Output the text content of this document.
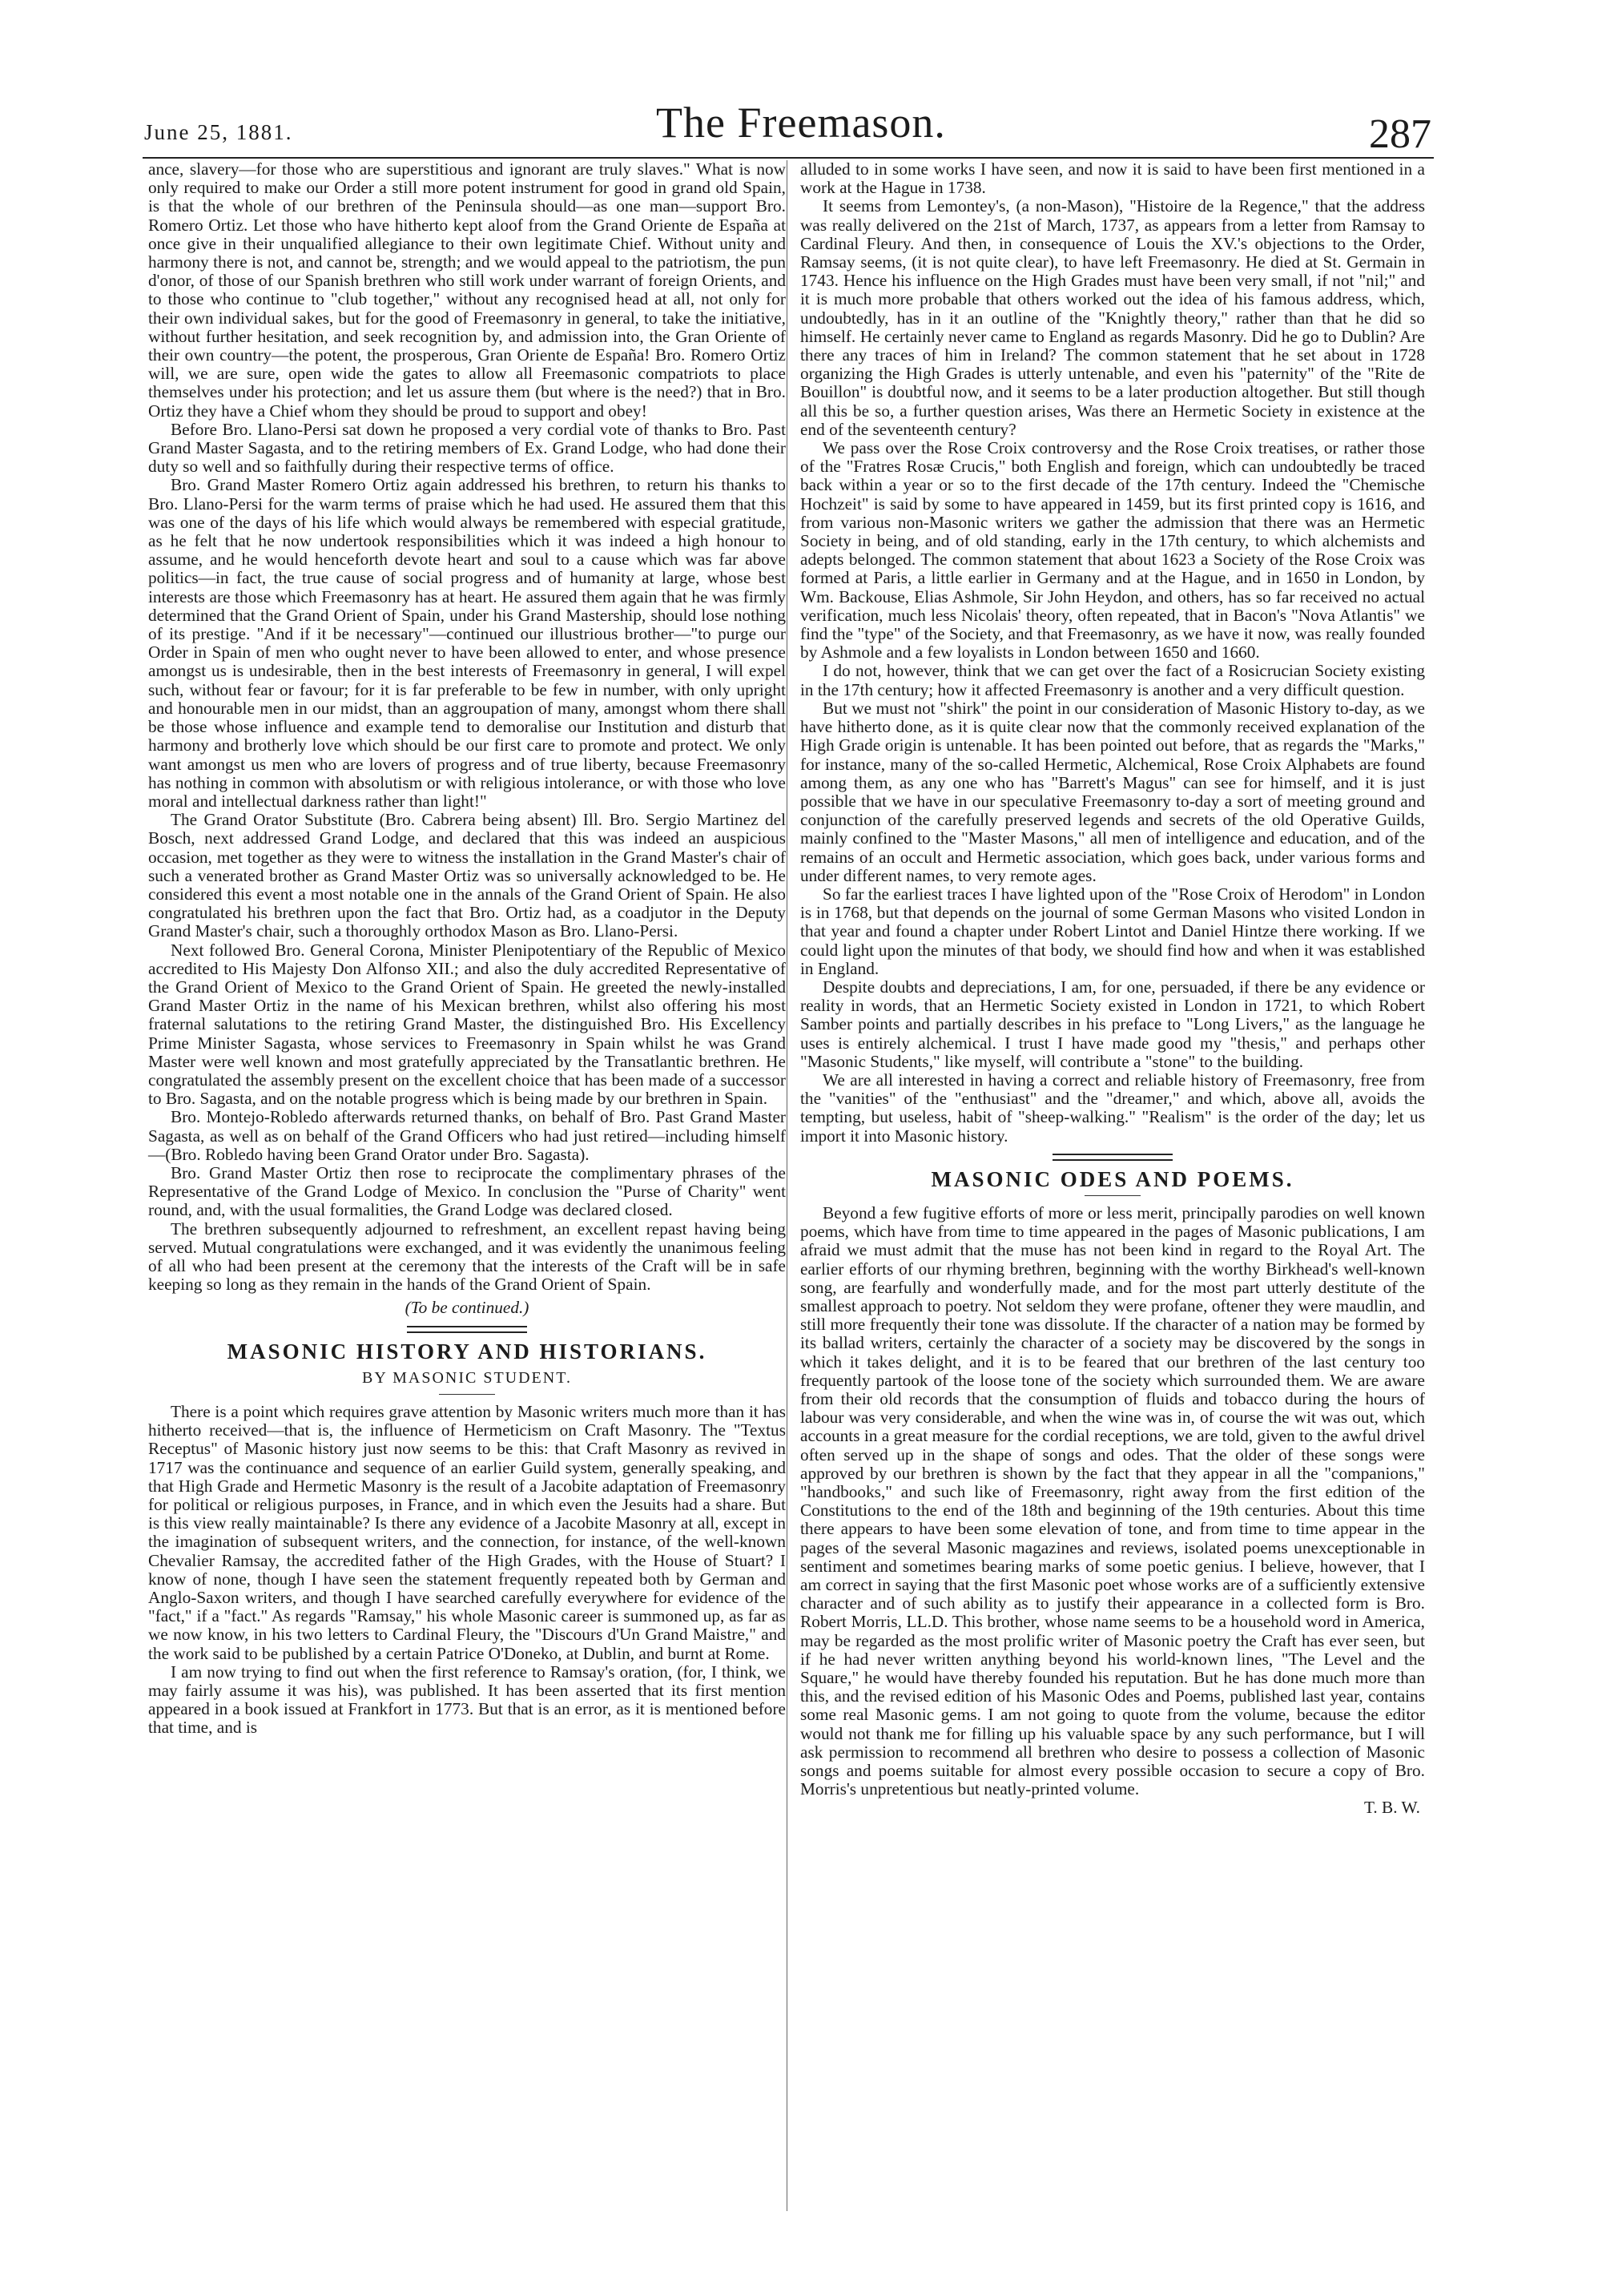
June 25, 1881.	The Freemason.	287

ance, slavery—for those who are superstitious and ignorant are truly slaves." What is now only required to make our Order a still more potent instrument for good in grand old Spain, is that the whole of our brethren of the Peninsula should—as one man—support Bro. Romero Ortiz. Let those who have hitherto kept aloof from the Grand Oriente de España at once give in their unqualified allegiance to their own legitimate Chief. Without unity and harmony there is not, and cannot be, strength; and we would appeal to the patriotism, the pun d'onor, of those of our Spanish brethren who still work under warrant of foreign Orients, and to those who continue to "club together," without any recognised head at all, not only for their own individual sakes, but for the good of Freemasonry in general, to take the initiative, without further hesitation, and seek recognition by, and admission into, the Gran Oriente of their own country—the potent, the prosperous, Gran Oriente de España! Bro. Romero Ortiz will, we are sure, open wide the gates to allow all Freemasonic compatriots to place themselves under his protection; and let us assure them (but where is the need?) that in Bro. Ortiz they have a Chief whom they should be proud to support and obey!

Before Bro. Llano-Persi sat down he proposed a very cordial vote of thanks to Bro. Past Grand Master Sagasta, and to the retiring members of Ex. Grand Lodge, who had done their duty so well and so faithfully during their respective terms of office.

Bro. Grand Master Romero Ortiz again addressed his brethren, to return his thanks to Bro. Llano-Persi for the warm terms of praise which he had used. He assured them that this was one of the days of his life which would always be remembered with especial gratitude, as he felt that he now undertook responsibilities which it was indeed a high honour to assume, and he would henceforth devote heart and soul to a cause which was far above politics—in fact, the true cause of social progress and of humanity at large, whose best interests are those which Freemasonry has at heart. He assured them again that he was firmly determined that the Grand Orient of Spain, under his Grand Mastership, should lose nothing of its prestige. "And if it be necessary"—continued our illustrious brother—"to purge our Order in Spain of men who ought never to have been allowed to enter, and whose presence amongst us is undesirable, then in the best interests of Freemasonry in general, I will expel such, without fear or favour; for it is far preferable to be few in number, with only upright and honourable men in our midst, than an aggroupation of many, amongst whom there shall be those whose influence and example tend to demoralise our Institution and disturb that harmony and brotherly love which should be our first care to promote and protect. We only want amongst us men who are lovers of progress and of true liberty, because Freemasonry has nothing in common with absolutism or with religious intolerance, or with those who love moral and intellectual darkness rather than light!"

The Grand Orator Substitute (Bro. Cabrera being absent) Ill. Bro. Sergio Martinez del Bosch, next addressed Grand Lodge, and declared that this was indeed an auspicious occasion, met together as they were to witness the installation in the Grand Master's chair of such a venerated brother as Grand Master Ortiz was so universally acknowledged to be. He considered this event a most notable one in the annals of the Grand Orient of Spain. He also congratulated his brethren upon the fact that Bro. Ortiz had, as a coadjutor in the Deputy Grand Master's chair, such a thoroughly orthodox Mason as Bro. Llano-Persi.

Next followed Bro. General Corona, Minister Plenipotentiary of the Republic of Mexico accredited to His Majesty Don Alfonso XII.; and also the duly accredited Representative of the Grand Orient of Mexico to the Grand Orient of Spain. He greeted the newly-installed Grand Master Ortiz in the name of his Mexican brethren, whilst also offering his most fraternal salutations to the retiring Grand Master, the distinguished Bro. His Excellency Prime Minister Sagasta, whose services to Freemasonry in Spain whilst he was Grand Master were well known and most gratefully appreciated by the Transatlantic brethren. He congratulated the assembly present on the excellent choice that has been made of a successor to Bro. Sagasta, and on the notable progress which is being made by our brethren in Spain.

Bro. Montejo-Robledo afterwards returned thanks, on behalf of Bro. Past Grand Master Sagasta, as well as on behalf of the Grand Officers who had just retired—including himself—(Bro. Robledo having been Grand Orator under Bro. Sagasta).

Bro. Grand Master Ortiz then rose to reciprocate the complimentary phrases of the Representative of the Grand Lodge of Mexico. In conclusion the "Purse of Charity" went round, and, with the usual formalities, the Grand Lodge was declared closed.

The brethren subsequently adjourned to refreshment, an excellent repast having being served. Mutual congratulations were exchanged, and it was evidently the unanimous feeling of all who had been present at the ceremony that the interests of the Craft will be in safe keeping so long as they remain in the hands of the Grand Orient of Spain.

(To be continued.)

MASONIC HISTORY AND HISTORIANS.
BY MASONIC STUDENT.

There is a point which requires grave attention by Masonic writers much more than it has hitherto received—that is, the influence of Hermeticism on Craft Masonry. The "Textus Receptus" of Masonic history just now seems to be this: that Craft Masonry as revived in 1717 was the continuance and sequence of an earlier Guild system, generally speaking, and that High Grade and Hermetic Masonry is the result of a Jacobite adaptation of Freemasonry for political or religious purposes, in France, and in which even the Jesuits had a share. But is this view really maintainable? Is there any evidence of a Jacobite Masonry at all, except in the imagination of subsequent writers, and the connection, for instance, of the well-known Chevalier Ramsay, the accredited father of the High Grades, with the House of Stuart? I know of none, though I have seen the statement frequently repeated both by German and Anglo-Saxon writers, and though I have searched carefully everywhere for evidence of the "fact," if a "fact." As regards "Ramsay," his whole Masonic career is summoned up, as far as we now know, in his two letters to Cardinal Fleury, the "Discours d'Un Grand Maistre," and the work said to be published by a certain Patrice O'Doneko, at Dublin, and burnt at Rome.

I am now trying to find out when the first reference to Ramsay's oration, (for, I think, we may fairly assume it was his), was published. It has been asserted that its first mention appeared in a book issued at Frankfort in 1773. But that is an error, as it is mentioned before that time, and is

alluded to in some works I have seen, and now it is said to have been first mentioned in a work at the Hague in 1738.

It seems from Lemontey's, (a non-Mason), "Histoire de la Regence," that the address was really delivered on the 21st of March, 1737, as appears from a letter from Ramsay to Cardinal Fleury. And then, in consequence of Louis the XV.'s objections to the Order, Ramsay seems, (it is not quite clear), to have left Freemasonry. He died at St. Germain in 1743. Hence his influence on the High Grades must have been very small, if not "nil;" and it is much more probable that others worked out the idea of his famous address, which, undoubtedly, has in it an outline of the "Knightly theory," rather than that he did so himself. He certainly never came to England as regards Masonry. Did he go to Dublin? Are there any traces of him in Ireland? The common statement that he set about in 1728 organizing the High Grades is utterly untenable, and even his "paternity" of the "Rite de Bouillon" is doubtful now, and it seems to be a later production altogether. But still though all this be so, a further question arises, Was there an Hermetic Society in existence at the end of the seventeenth century?

We pass over the Rose Croix controversy and the Rose Croix treatises, or rather those of the "Fratres Rosæ Crucis," both English and foreign, which can undoubtedly be traced back within a year or so to the first decade of the 17th century. Indeed the "Chemische Hochzeit" is said by some to have appeared in 1459, but its first printed copy is 1616, and from various non-Masonic writers we gather the admission that there was an Hermetic Society in being, and of old standing, early in the 17th century, to which alchemists and adepts belonged. The common statement that about 1623 a Society of the Rose Croix was formed at Paris, a little earlier in Germany and at the Hague, and in 1650 in London, by Wm. Backouse, Elias Ashmole, Sir John Heydon, and others, has so far received no actual verification, much less Nicolais' theory, often repeated, that in Bacon's "Nova Atlantis" we find the "type" of the Society, and that Freemasonry, as we have it now, was really founded by Ashmole and a few loyalists in London between 1650 and 1660.

I do not, however, think that we can get over the fact of a Rosicrucian Society existing in the 17th century; how it affected Freemasonry is another and a very difficult question.

But we must not "shirk" the point in our consideration of Masonic History to-day, as we have hitherto done, as it is quite clear now that the commonly received explanation of the High Grade origin is untenable. It has been pointed out before, that as regards the "Marks," for instance, many of the so-called Hermetic, Alchemical, Rose Croix Alphabets are found among them, as any one who has "Barrett's Magus" can see for himself, and it is just possible that we have in our speculative Freemasonry to-day a sort of meeting ground and conjunction of the carefully preserved legends and secrets of the old Operative Guilds, mainly confined to the "Master Masons," all men of intelligence and education, and of the remains of an occult and Hermetic association, which goes back, under various forms and under different names, to very remote ages.

So far the earliest traces I have lighted upon of the "Rose Croix of Herodom" in London is in 1768, but that depends on the journal of some German Masons who visited London in that year and found a chapter under Robert Lintot and Daniel Hintze there working. If we could light upon the minutes of that body, we should find how and when it was established in England.

Despite doubts and depreciations, I am, for one, persuaded, if there be any evidence or reality in words, that an Hermetic Society existed in London in 1721, to which Robert Samber points and partially describes in his preface to "Long Livers," as the language he uses is entirely alchemical. I trust I have made good my "thesis," and perhaps other "Masonic Students," like myself, will contribute a "stone" to the building.

We are all interested in having a correct and reliable history of Freemasonry, free from the "vanities" of the "enthusiast" and the "dreamer," and which, above all, avoids the tempting, but useless, habit of "sheep-walking." "Realism" is the order of the day; let us import it into Masonic history.

MASONIC ODES AND POEMS.

Beyond a few fugitive efforts of more or less merit, principally parodies on well known poems, which have from time to time appeared in the pages of Masonic publications, I am afraid we must admit that the muse has not been kind in regard to the Royal Art. The earlier efforts of our rhyming brethren, beginning with the worthy Birkhead's well-known song, are fearfully and wonderfully made, and for the most part utterly destitute of the smallest approach to poetry. Not seldom they were profane, oftener they were maudlin, and still more frequently their tone was dissolute. If the character of a nation may be formed by its ballad writers, certainly the character of a society may be discovered by the songs in which it takes delight, and it is to be feared that our brethren of the last century too frequently partook of the loose tone of the society which surrounded them. We are aware from their old records that the consumption of fluids and tobacco during the hours of labour was very considerable, and when the wine was in, of course the wit was out, which accounts in a great measure for the cordial receptions, we are told, given to the awful drivel often served up in the shape of songs and odes. That the older of these songs were approved by our brethren is shown by the fact that they appear in all the "companions," "handbooks," and such like of Freemasonry, right away from the first edition of the Constitutions to the end of the 18th and beginning of the 19th centuries. About this time there appears to have been some elevation of tone, and from time to time appear in the pages of the several Masonic magazines and reviews, isolated poems unexceptionable in sentiment and sometimes bearing marks of some poetic genius. I believe, however, that I am correct in saying that the first Masonic poet whose works are of a sufficiently extensive character and of such ability as to justify their appearance in a collected form is Bro. Robert Morris, LL.D. This brother, whose name seems to be a household word in America, may be regarded as the most prolific writer of Masonic poetry the Craft has ever seen, but if he had never written anything beyond his world-known lines, "The Level and the Square," he would have thereby founded his reputation. But he has done much more than this, and the revised edition of his Masonic Odes and Poems, published last year, contains some real Masonic gems. I am not going to quote from the volume, because the editor would not thank me for filling up his valuable space by any such performance, but I will ask permission to recommend all brethren who desire to possess a collection of Masonic songs and poems suitable for almost every possible occasion to secure a copy of Bro. Morris's unpretentious but neatly-printed volume.

T. B. W.
